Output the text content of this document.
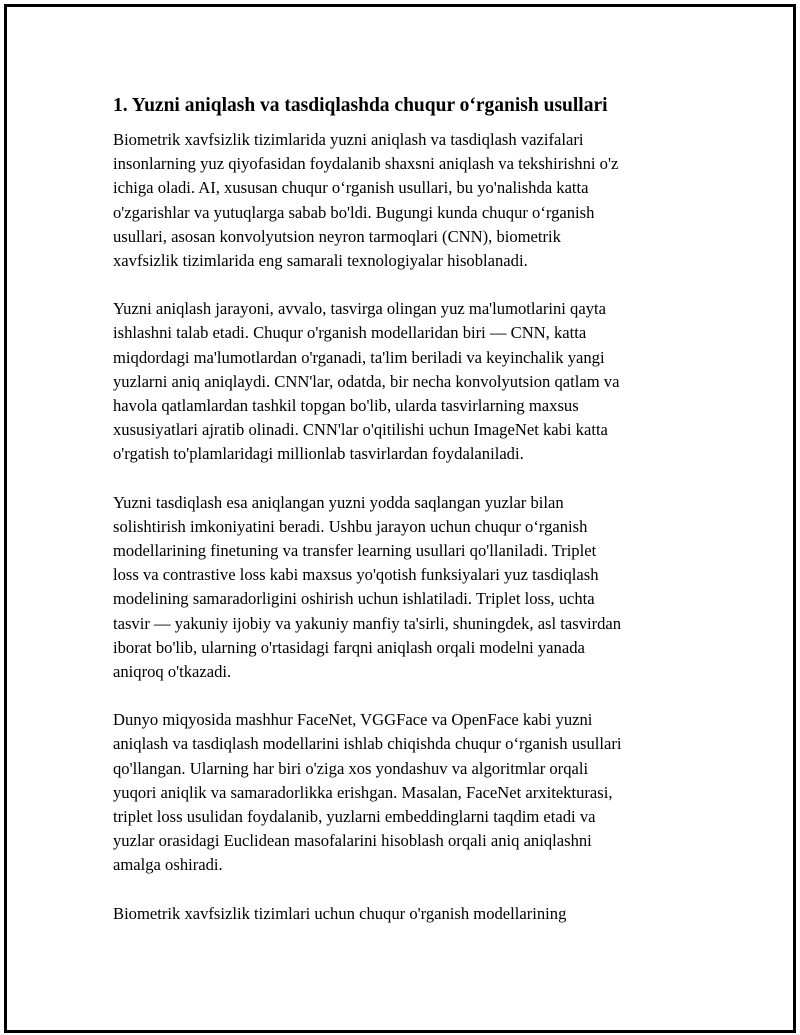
1. Yuzni aniqlash va tasdiqlashda chuqur o‘rganish usullari

Biometrik xavfsizlik tizimlarida yuzni aniqlash va tasdiqlash vazifalari
insonlarning yuz qiyofasidan foydalanib shaxsni aniqlash va tekshirishni o'z
ichiga oladi. AI, xususan chuqur o‘rganish usullari, bu yo'nalishda katta
o'zgarishlar va yutuqlarga sabab bo'ldi. Bugungi kunda chuqur o‘rganish
usullari, asosan konvolyutsion neyron tarmoqlari (CNN), biometrik
xavfsizlik tizimlarida eng samarali texnologiyalar hisoblanadi.

Yuzni aniqlash jarayoni, avvalo, tasvirga olingan yuz ma'lumotlarini qayta
ishlashni talab etadi. Chuqur o'rganish modellaridan biri — CNN, katta
miqdordagi ma'lumotlardan o'rganadi, ta'lim beriladi va keyinchalik yangi
yuzlarni aniq aniqlaydi. CNN'lar, odatda, bir necha konvolyutsion qatlam va
havola qatlamlardan tashkil topgan bo'lib, ularda tasvirlarning maxsus
xususiyatlari ajratib olinadi. CNN'lar o'qitilishi uchun ImageNet kabi katta
o'rgatish to'plamlaridagi millionlab tasvirlardan foydalaniladi.

Yuzni tasdiqlash esa aniqlangan yuzni yodda saqlangan yuzlar bilan
solishtirish imkoniyatini beradi. Ushbu jarayon uchun chuqur o‘rganish
modellarining finetuning va transfer learning usullari qo'llaniladi. Triplet
loss va contrastive loss kabi maxsus yo'qotish funksiyalari yuz tasdiqlash
modelining samaradorligini oshirish uchun ishlatiladi. Triplet loss, uchta
tasvir — yakuniy ijobiy va yakuniy manfiy ta'sirli, shuningdek, asl tasvirdan
iborat bo'lib, ularning o'rtasidagi farqni aniqlash orqali modelni yanada
aniqroq o'tkazadi.

Dunyo miqyosida mashhur FaceNet, VGGFace va OpenFace kabi yuzni
aniqlash va tasdiqlash modellarini ishlab chiqishda chuqur o‘rganish usullari
qo'llangan. Ularning har biri o'ziga xos yondashuv va algoritmlar orqali
yuqori aniqlik va samaradorlikka erishgan. Masalan, FaceNet arxitekturasi,
triplet loss usulidan foydalanib, yuzlarni embeddinglarni taqdim etadi va
yuzlar orasidagi Euclidean masofalarini hisoblash orqali aniq aniqlashni
amalga oshiradi.

Biometrik xavfsizlik tizimlari uchun chuqur o'rganish modellarining
